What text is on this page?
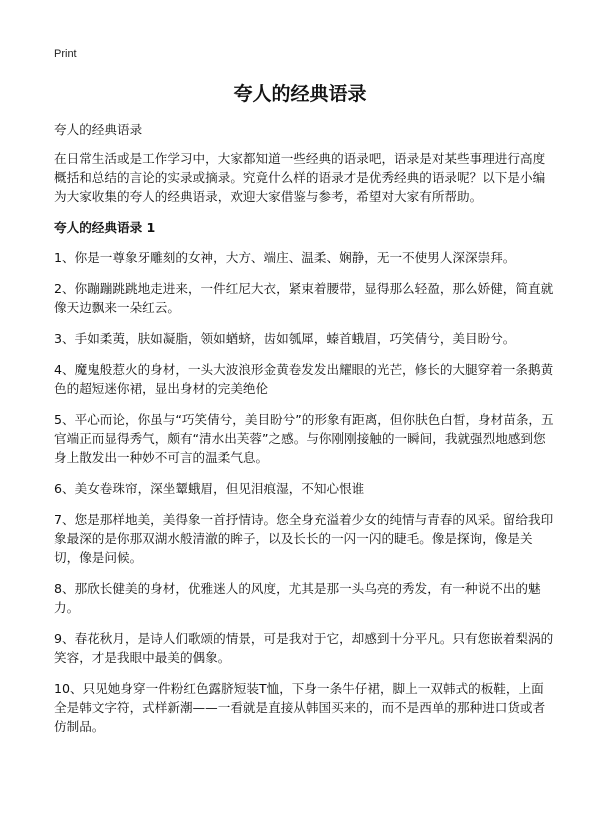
Print
夸人的经典语录

夸人的经典语录

在日常生活或是工作学习中，大家都知道一些经典的语录吧，语录是对某些事理进行高度概括和总结的言论的实录或摘录。究竟什么样的语录才是优秀经典的语录呢？以下是小编为大家收集的夸人的经典语录，欢迎大家借鉴与参考，希望对大家有所帮助。

夸人的经典语录 1

1、你是一尊象牙雕刻的女神，大方、端庄、温柔、娴静，无一不使男人深深崇拜。

2、你蹦蹦跳跳地走进来，一件红尼大衣，紧束着腰带，显得那么轻盈，那么娇健，简直就像天边飘来一朵红云。

3、手如柔荑，肤如凝脂，领如蝤蛴，齿如瓠犀，螓首蛾眉，巧笑倩兮，美目盼兮。

4、魔鬼般惹火的身材，一头大波浪形金黄卷发发出耀眼的光芒，修长的大腿穿着一条鹅黄色的超短迷你裙，显出身材的完美绝伦

5、平心而论，你虽与“巧笑倩兮，美目盼兮”的形象有距离，但你肤色白皙，身材苗条，五官端正而显得秀气，颇有“清水出芙蓉”之感。与你刚刚接触的一瞬间，我就强烈地感到您身上散发出一种妙不可言的温柔气息。

6、美女卷珠帘，深坐颦蛾眉，但见泪痕湿，不知心恨谁

7、您是那样地美，美得象一首抒情诗。您全身充溢着少女的纯情与青春的风采。留给我印象最深的是你那双湖水般清澈的眸子，以及长长的一闪一闪的睫毛。像是探询，像是关切，像是问候。

8、那欣长健美的身材，优雅迷人的风度，尤其是那一头乌亮的秀发，有一种说不出的魅力。

9、春花秋月，是诗人们歌颂的情景，可是我对于它，却感到十分平凡。只有您嵌着梨涡的笑容，才是我眼中最美的偶象。

10、只见她身穿一件粉红色露脐短装T恤，下身一条牛仔裙，脚上一双韩式的板鞋，上面全是韩文字符，式样新潮——一看就是直接从韩国买来的，而不是西单的那种进口货或者仿制品。
